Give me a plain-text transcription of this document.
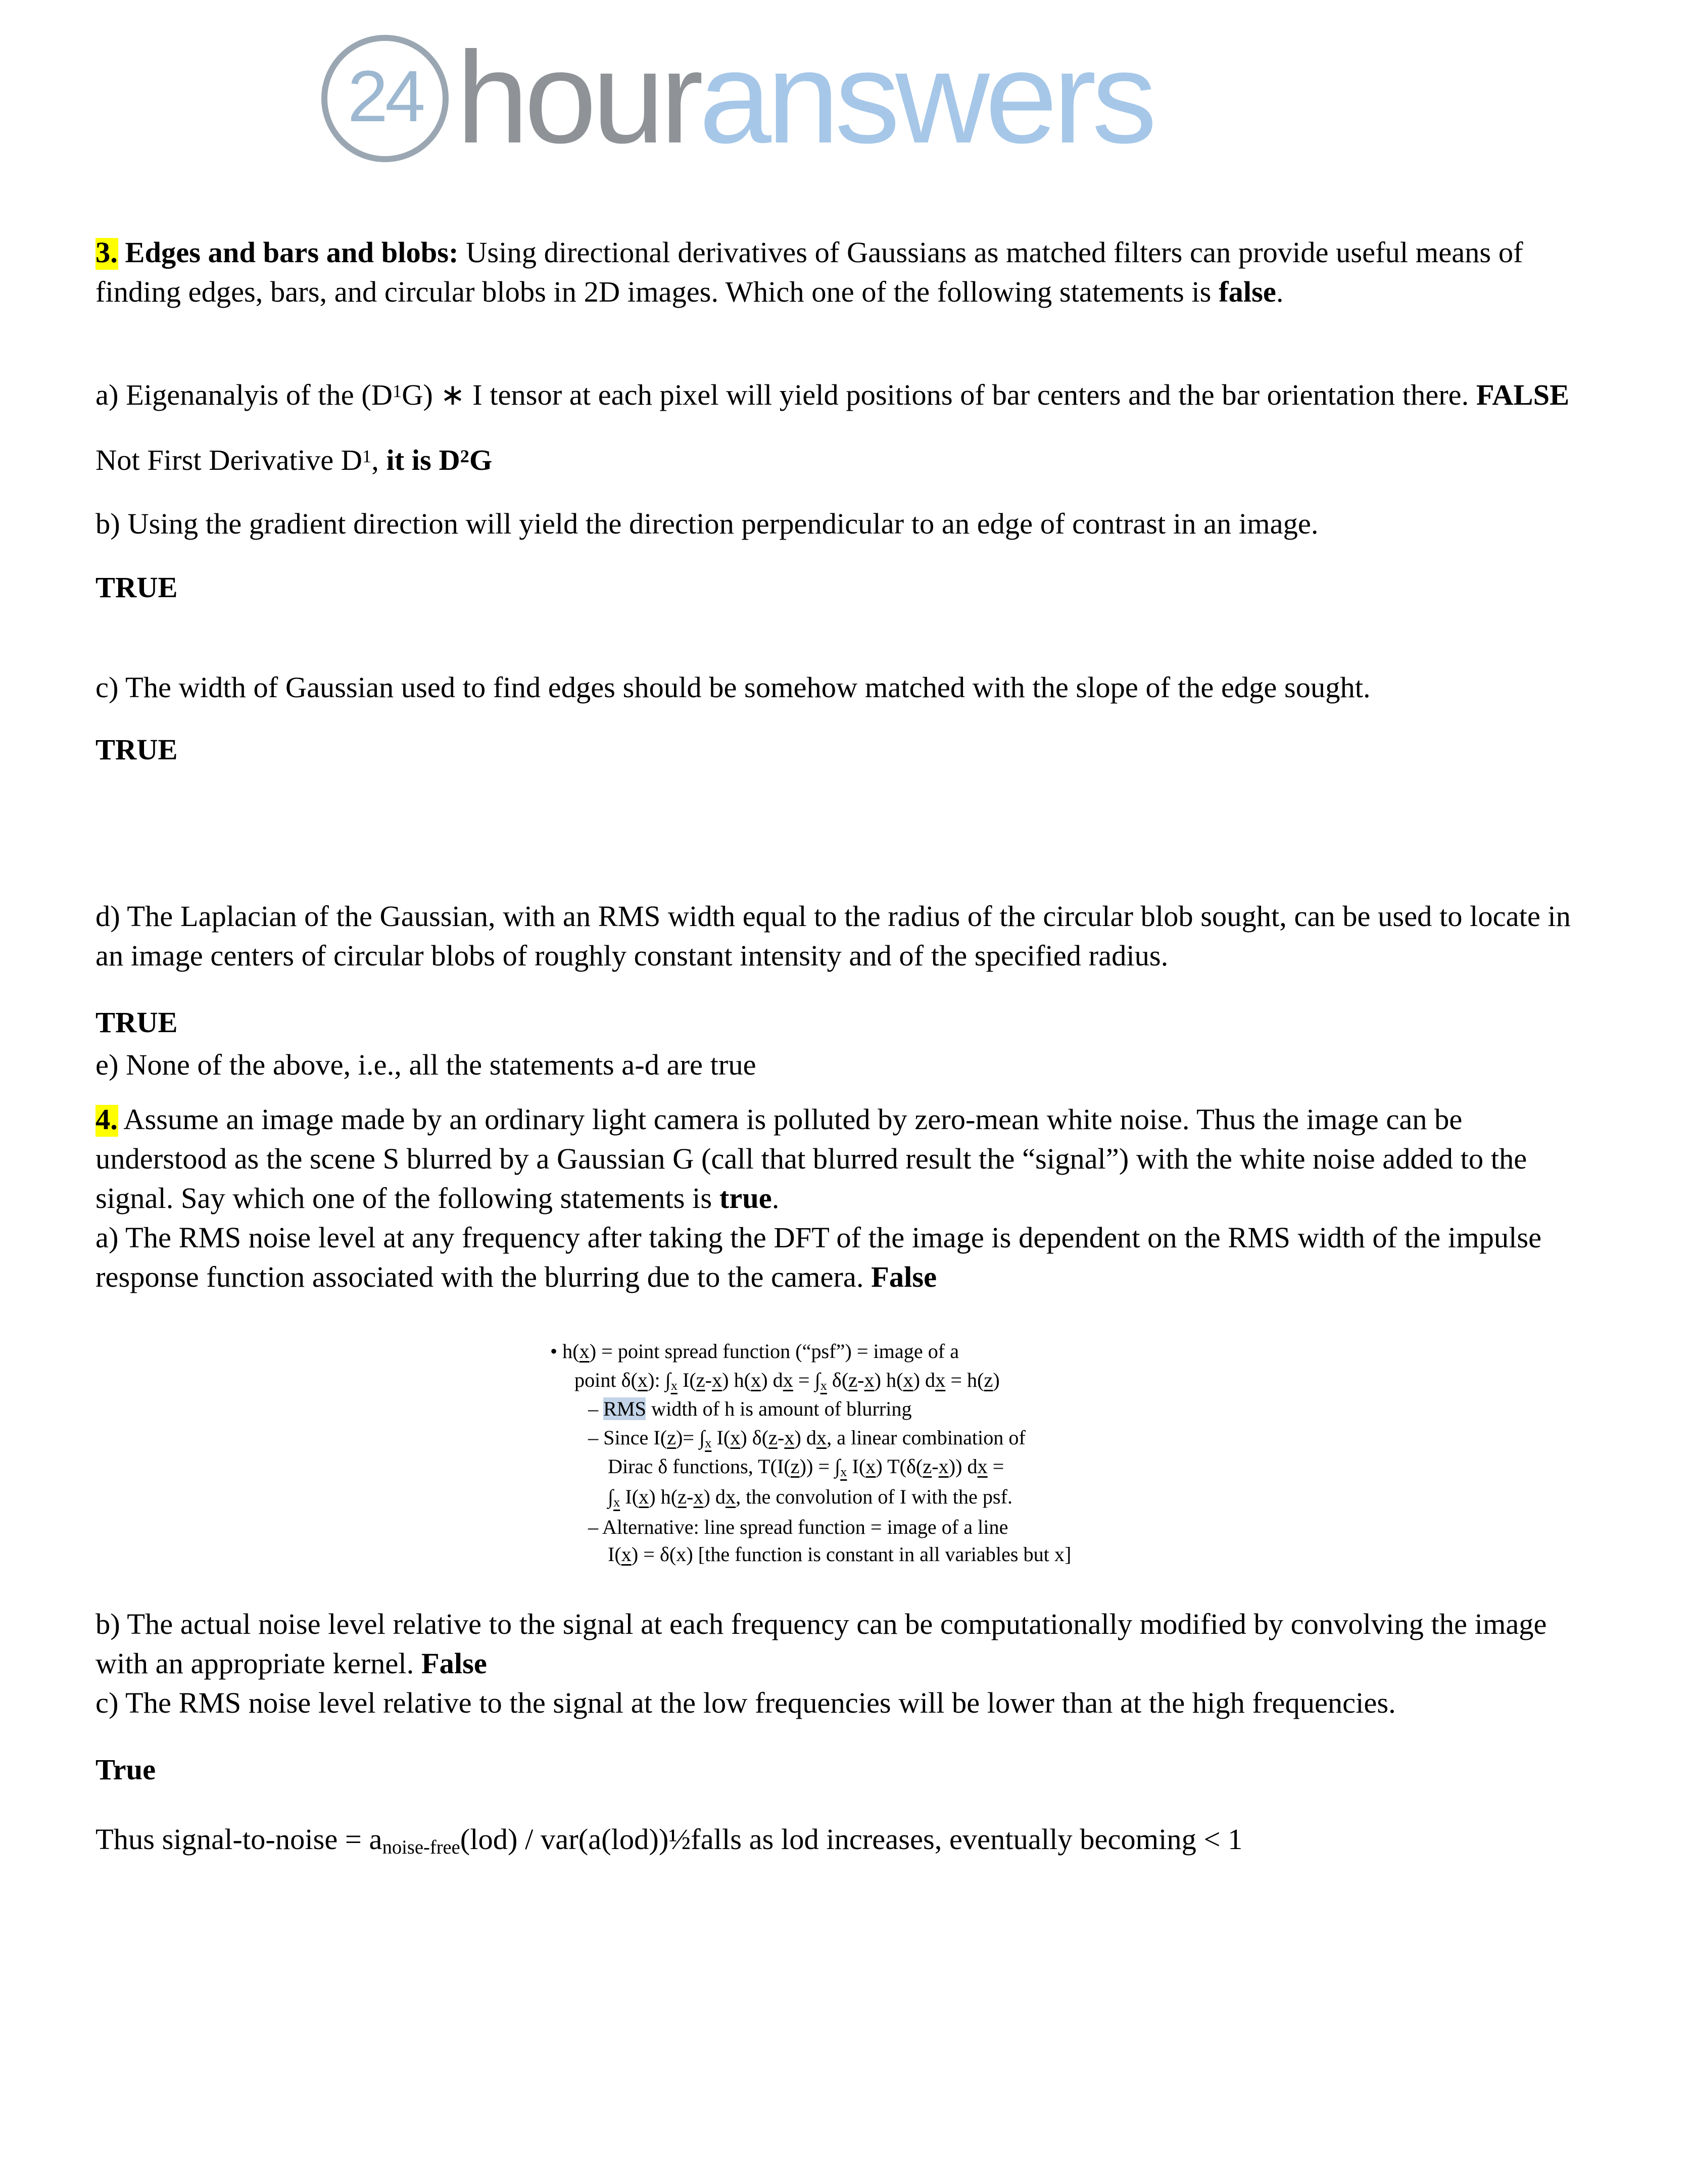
24 hour answers

3. Edges and bars and blobs: Using directional derivatives of Gaussians as matched filters can provide useful means of finding edges, bars, and circular blobs in 2D images. Which one of the following statements is false.

a) Eigenanalyis of the $(D^1G)$ ∗ I tensor at each pixel will yield positions of bar centers and the bar orientation there. FALSE

Not First Derivative $D^1$, it is $D^2G$

b) Using the gradient direction will yield the direction perpendicular to an edge of contrast in an image.

TRUE

c) The width of Gaussian used to find edges should be somehow matched with the slope of the edge sought.

TRUE

d) The Laplacian of the Gaussian, with an RMS width equal to the radius of the circular blob sought, can be used to locate in an image centers of circular blobs of roughly constant intensity and of the specified radius.

TRUE

e) None of the above, i.e., all the statements a-d are true

4. Assume an image made by an ordinary light camera is polluted by zero-mean white noise. Thus the image can be understood as the scene S blurred by a Gaussian G (call that blurred result the “signal”) with the white noise added to the signal. Say which one of the following statements is true.

a) The RMS noise level at any frequency after taking the DFT of the image is dependent on the RMS width of the impulse response function associated with the blurring due to the camera. False

• h(x) = point spread function (“psf”) = image of a
point δ(x): ∫x I(z-x) h(x) dx = ∫x δ(z-x) h(x) dx = h(z)
– RMS width of h is amount of blurring
– Since I(z)= ∫x I(x) δ(z-x) dx, a linear combination of
Dirac δ functions, T(I(z)) = ∫x I(x) T(δ(z-x)) dx =
∫x I(x) h(z-x) dx, the convolution of I with the psf.
– Alternative: line spread function = image of a line
I(x) = δ(x) [the function is constant in all variables but x]

b) The actual noise level relative to the signal at each frequency can be computationally modified by convolving the image with an appropriate kernel. False

c) The RMS noise level relative to the signal at the low frequencies will be lower than at the high frequencies.

True

Thus signal-to-noise = anoise-free(lod) / var(a(lod))½falls as lod increases, eventually becoming < 1
